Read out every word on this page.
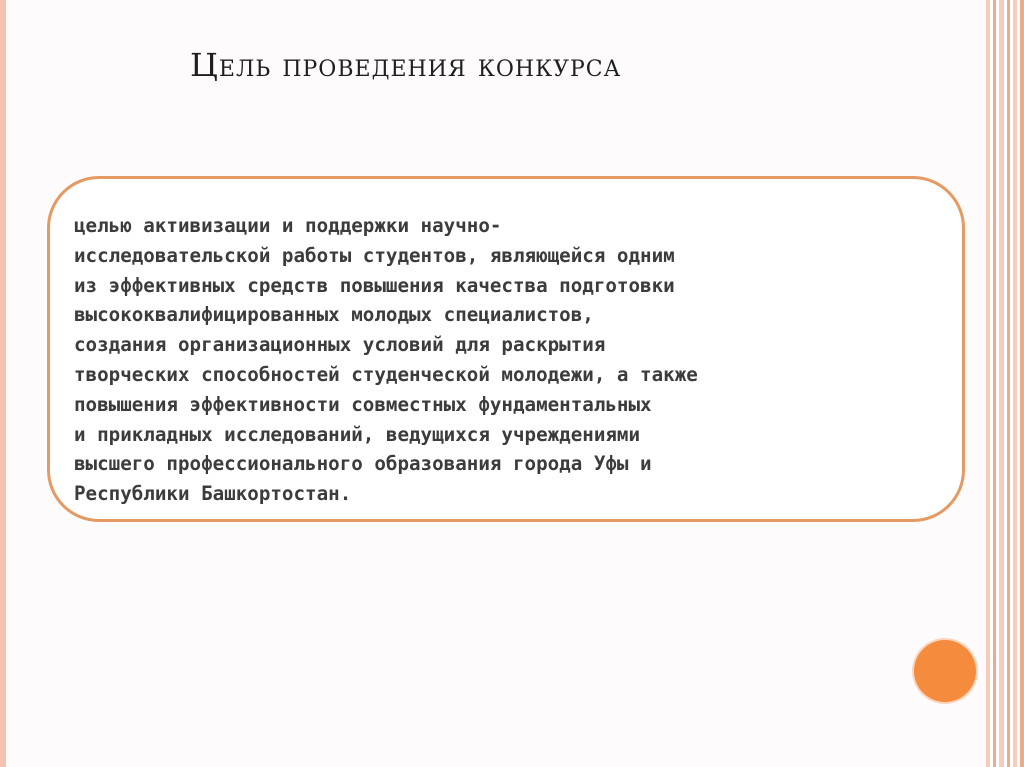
Цель проведения конкурса
целью активизации и поддержки научно-
исследовательской работы студентов, являющейся одним
из эффективных средств повышения качества подготовки
высококвалифицированных молодых специалистов,
создания организационных условий для раскрытия
творческих способностей студенческой молодежи, а также
повышения эффективности совместных фундаментальных
и прикладных исследований, ведущихся учреждениями
высшего профессионального образования города Уфы и
Республики Башкортостан.
